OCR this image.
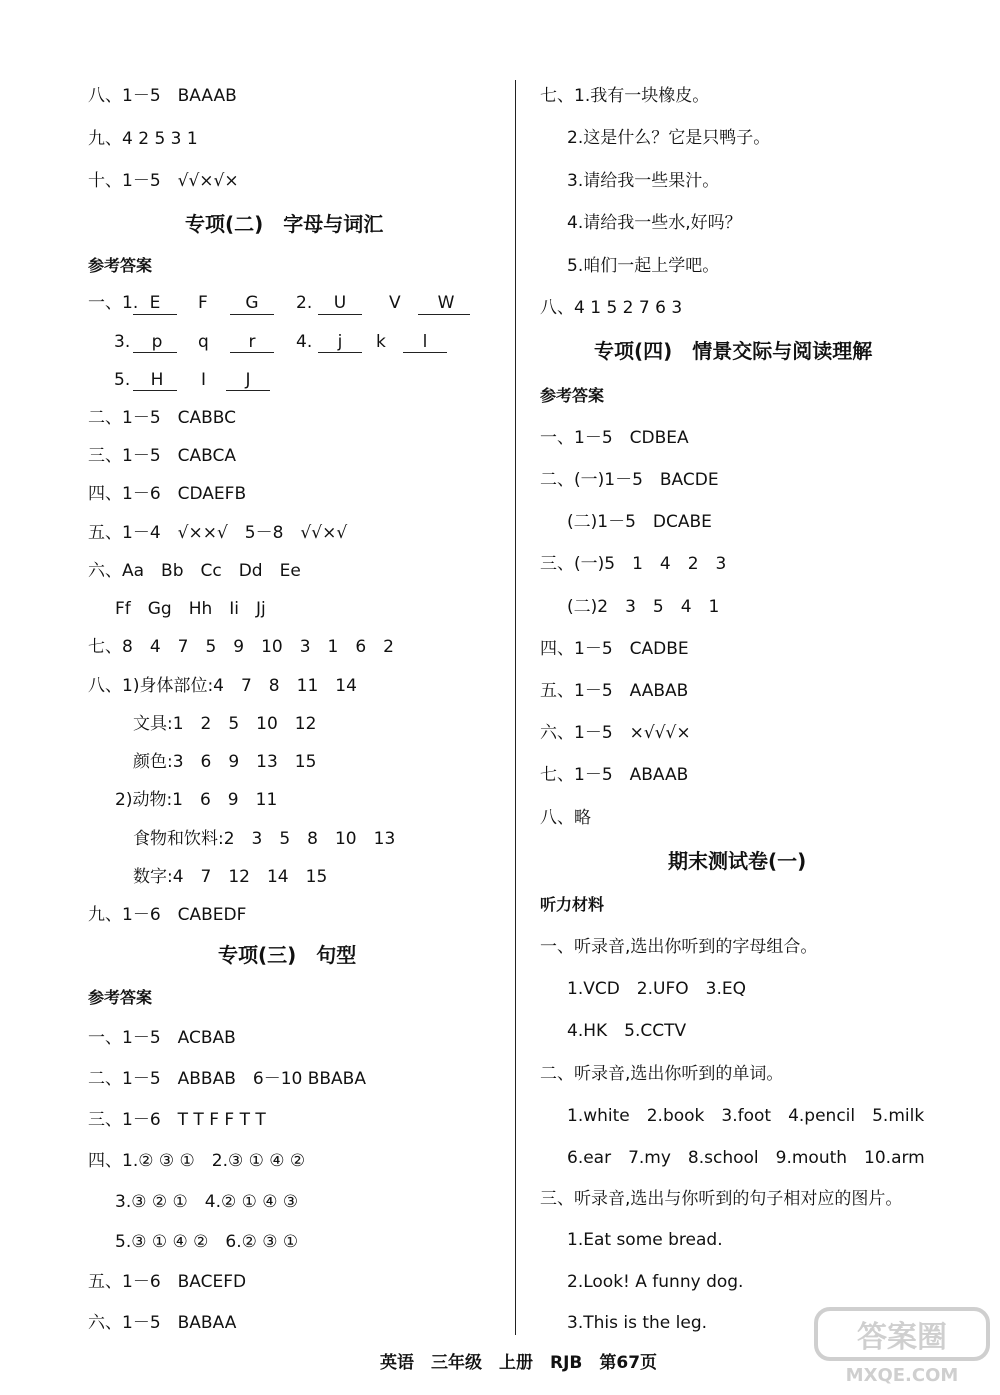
八、1－5　BAAAB
九、4 2 5 3 1
十、1－5　√√×√×
专项(二)　字母与词汇
参考答案
一、1. E	F	G	2.	U	V	W
3.	p	q	r	4.	j	k	l
5.	H	I	J
二、1－5　CABBC
三、1－5　CABCA
四、1－6　CDAEFB
五、1－4　√××√　5－8　√√×√
六、Aa　Bb　Cc　Dd　Ee
Ff　Gg　Hh　Ii　Jj
七、8　4　7　5　9　10　3　1　6　2
八、1)身体部位:4　7　8　11　14
文具:1　2　5　10　12
颜色:3　6　9　13　15
2)动物:1　6　9　11
食物和饮料:2　3　5　8　10　13
数字:4　7　12　14　15
九、1－6　CABEDF
专项(三)　句型
参考答案
一、1－5　ACBAB
二、1－5　ABBAB　6－10 BBABA
三、1－6　T T F F T T
四、1.② ③ ①　2.③ ① ④ ②
3.③ ② ①　4.② ① ④ ③
5.③ ① ④ ②　6.② ③ ①
五、1－6　BACEFD
六、1－5　BABAA
七、1.我有一块橡皮。
2.这是什么？它是只鸭子。
3.请给我一些果汁。
4.请给我一些水,好吗？
5.咱们一起上学吧。
八、4 1 5 2 7 6 3
专项(四)　情景交际与阅读理解
参考答案
一、1－5　CDBEA
二、(一)1－5　BACDE
(二)1－5　DCABE
三、(一)5　1　4　2　3
(二)2　3　5　4　1
四、1－5　CADBE
五、1－5　AABAB
六、1－5　×√√√×
七、1－5　ABAAB
八、略
期末测试卷(一)
听力材料
一、听录音,选出你听到的字母组合。
1.VCD　2.UFO　3.EQ
4.HK　5.CCTV
二、听录音,选出你听到的单词。
1.white　2.book　3.foot　4.pencil　5.milk
6.ear　7.my　8.school　9.mouth　10.arm
三、听录音,选出与你听到的句子相对应的图片。
1.Eat some bread.
2.Look! A funny dog.
3.This is the leg.
英语　三年级　上册　RJB　第67页
答案圈
MXQE.COM
